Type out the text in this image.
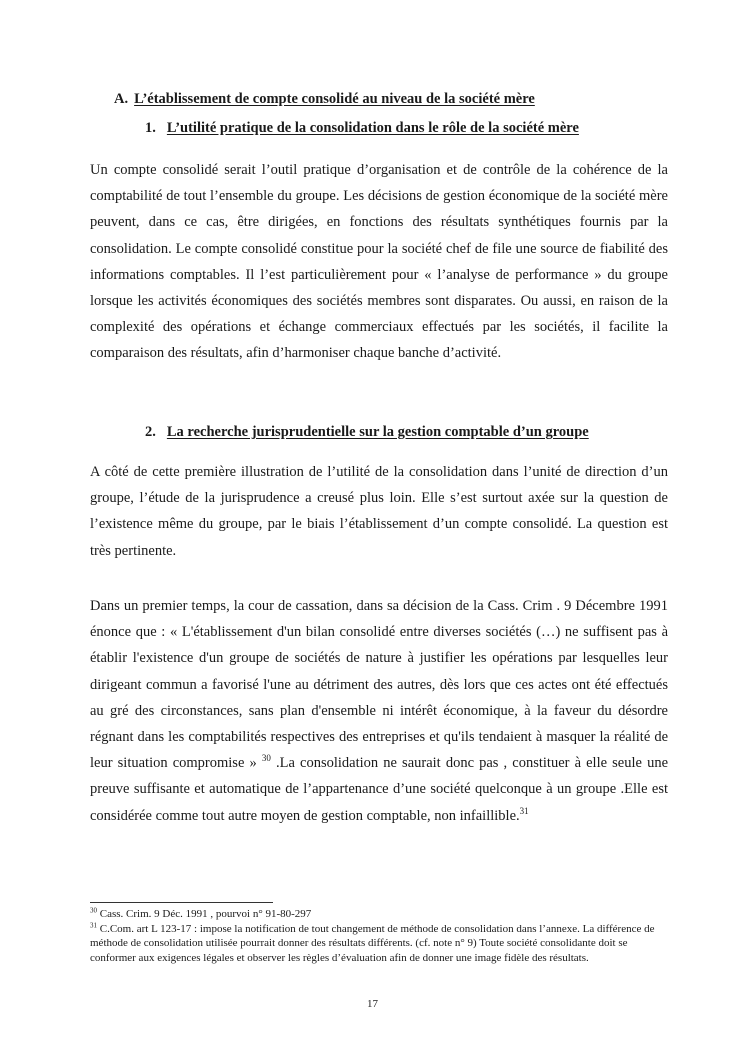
A. L’établissement de compte consolidé au niveau de la société mère
1. L’utilité pratique de la consolidation dans le rôle de la société mère

Un compte consolidé serait l’outil pratique d’organisation et de contrôle de la cohérence de la comptabilité de tout l’ensemble du groupe. Les décisions de gestion économique de la société mère peuvent, dans ce cas, être dirigées, en fonctions des résultats synthétiques fournis par la consolidation. Le compte consolidé constitue pour la société chef de file une source de fiabilité des informations comptables. Il l’est particulièrement pour « l’analyse de performance » du groupe lorsque les activités économiques des sociétés membres sont disparates. Ou aussi, en raison de la complexité des opérations et échange commerciaux effectués par les sociétés, il facilite la comparaison des résultats, afin d’harmoniser chaque banche d’activité.

2. La recherche jurisprudentielle sur la gestion comptable d’un groupe

A côté de cette première illustration de l’utilité de la consolidation dans l’unité de direction d’un groupe, l’étude de la jurisprudence a creusé plus loin. Elle s’est surtout axée sur la question de l’existence même du groupe, par le biais l’établissement d’un compte consolidé. La question est très pertinente.

Dans un premier temps, la cour de cassation, dans sa décision de la Cass. Crim . 9 Décembre 1991 énonce que : « L'établissement d'un bilan consolidé entre diverses sociétés (…) ne suffisent pas à établir l'existence d'un groupe de sociétés de nature à justifier les opérations par lesquelles leur dirigeant commun a favorisé l'une au détriment des autres, dès lors que ces actes ont été effectués au gré des circonstances, sans plan d'ensemble ni intérêt économique, à la faveur du désordre régnant dans les comptabilités respectives des entreprises et qu'ils tendaient à masquer la réalité de leur situation compromise » $^{30}$ .La consolidation ne saurait donc pas , constituer à elle seule une preuve suffisante et automatique de l’appartenance d’une société quelconque à un groupe .Elle est considérée comme tout autre moyen de gestion comptable, non infaillible.$^{31}$

$^{30}$ Cass. Crim. 9 Déc. 1991 , pourvoi n° 91-80-297

$^{31}$ C.Com. art L 123-17 : impose la notification de tout changement de méthode de consolidation dans l’annexe. La différence de méthode de consolidation utilisée pourrait donner des résultats différents. (cf. note n° 9) Toute société consolidante doit se conformer aux exigences légales et observer les règles d’évaluation afin de donner une image fidèle des résultats.

17
